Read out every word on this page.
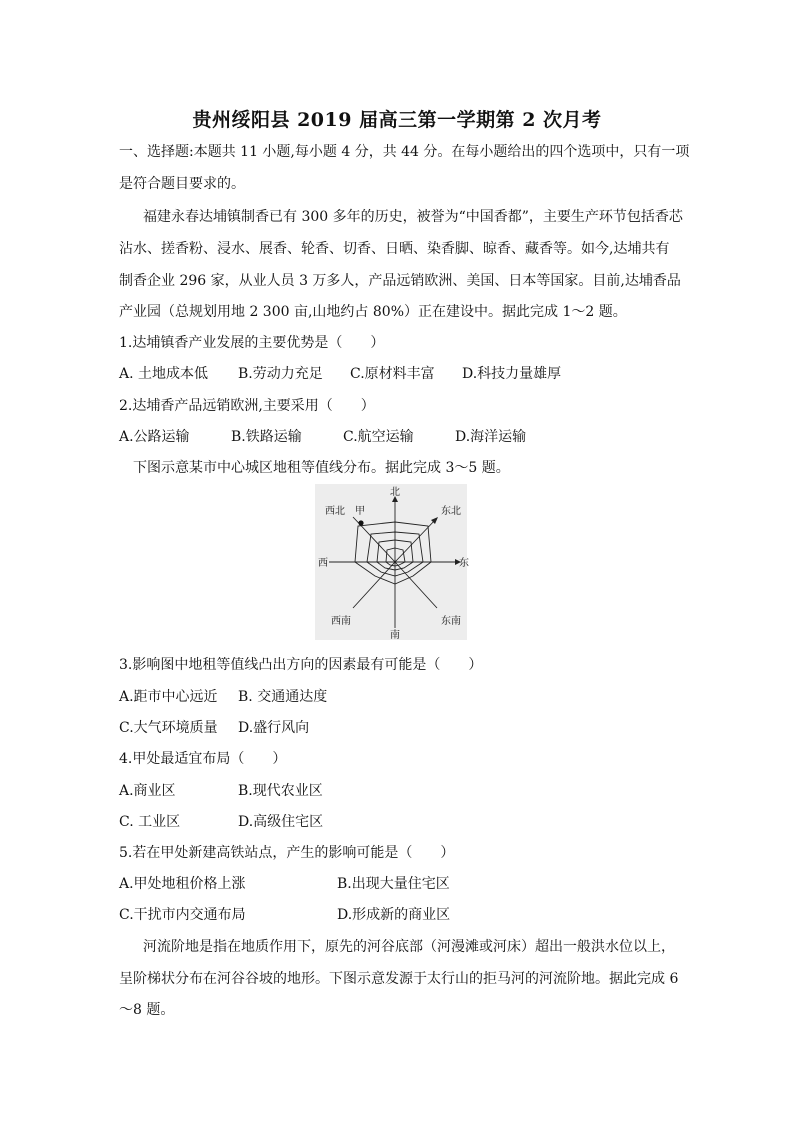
贵州绥阳县 2019 届高三第一学期第 2 次月考
一、选择题:本题共 11 小题,每小题 4 分，共 44 分。在每小题给出的四个选项中，只有一项
是符合题目要求的。
福建永春达埔镇制香已有 300 多年的历史，被誉为“中国香都”，主要生产环节包括香芯
沾水、搓香粉、浸水、展香、轮香、切香、日晒、染香脚、晾香、藏香等。如今,达埔共有
制香企业 296 家，从业人员 3 万多人，产品远销欧洲、美国、日本等国家。目前,达埔香品
产业园（总规划用地 2 300 亩,山地约占 80%）正在建设中。据此完成 1～2 题。
1.达埔镇香产业发展的主要优势是（　　）
A. 土地成本低 B.劳动力充足 C.原材料丰富 D.科技力量雄厚
2.达埔香产品远销欧洲,主要采用（　　）
A.公路运输	B.铁路运输	C.航空运输	D.海洋运输
下图示意某市中心城区地租等值线分布。据此完成 3～5 题。
北
南
东
西
东北
西北
东南
西南
甲
3.影响图中地租等值线凸出方向的因素最有可能是（　　）
A.距市中心远近 B. 交通通达度
C.大气环境质量 D.盛行风向
4.甲处最适宜布局（　　）
A.商业区	B.现代农业区
C. 工业区	D.高级住宅区
5.若在甲处新建高铁站点，产生的影响可能是（　　）
A.甲处地租价格上涨	B.出现大量住宅区
C.干扰市内交通布局	D.形成新的商业区
河流阶地是指在地质作用下，原先的河谷底部（河漫滩或河床）超出一般洪水位以上，
呈阶梯状分布在河谷谷坡的地形。下图示意发源于太行山的拒马河的河流阶地。据此完成 6
～8 题。
